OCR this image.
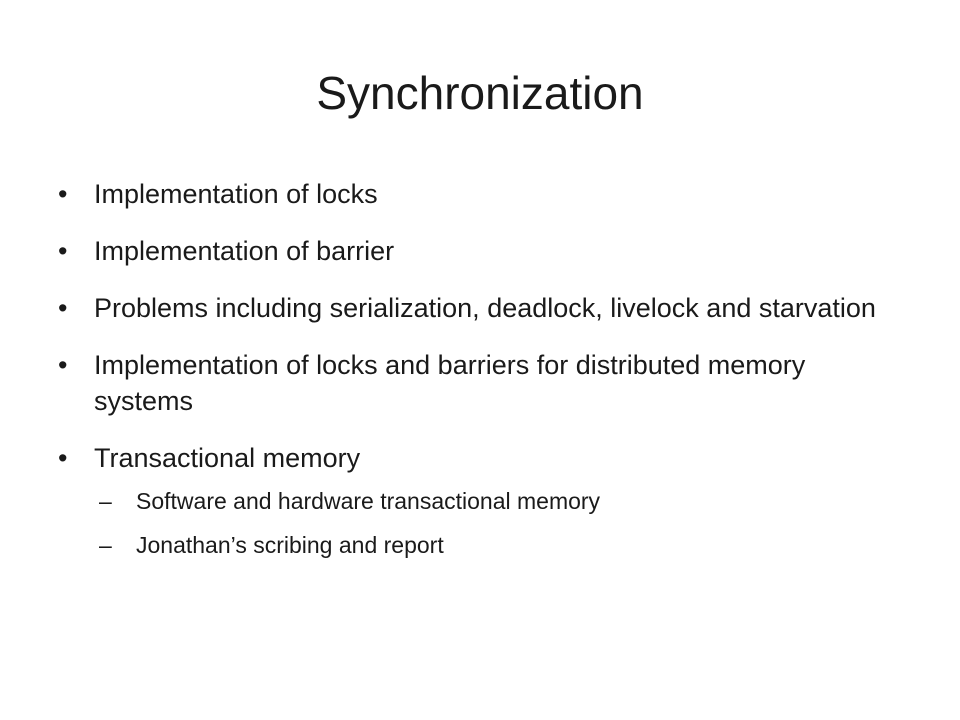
Synchronization
• Implementation of locks
• Implementation of barrier
• Problems including serialization, deadlock, livelock and starvation
• Implementation of locks and barriers for distributed memory systems
• Transactional memory
– Software and hardware transactional memory
– Jonathan’s scribing and report
